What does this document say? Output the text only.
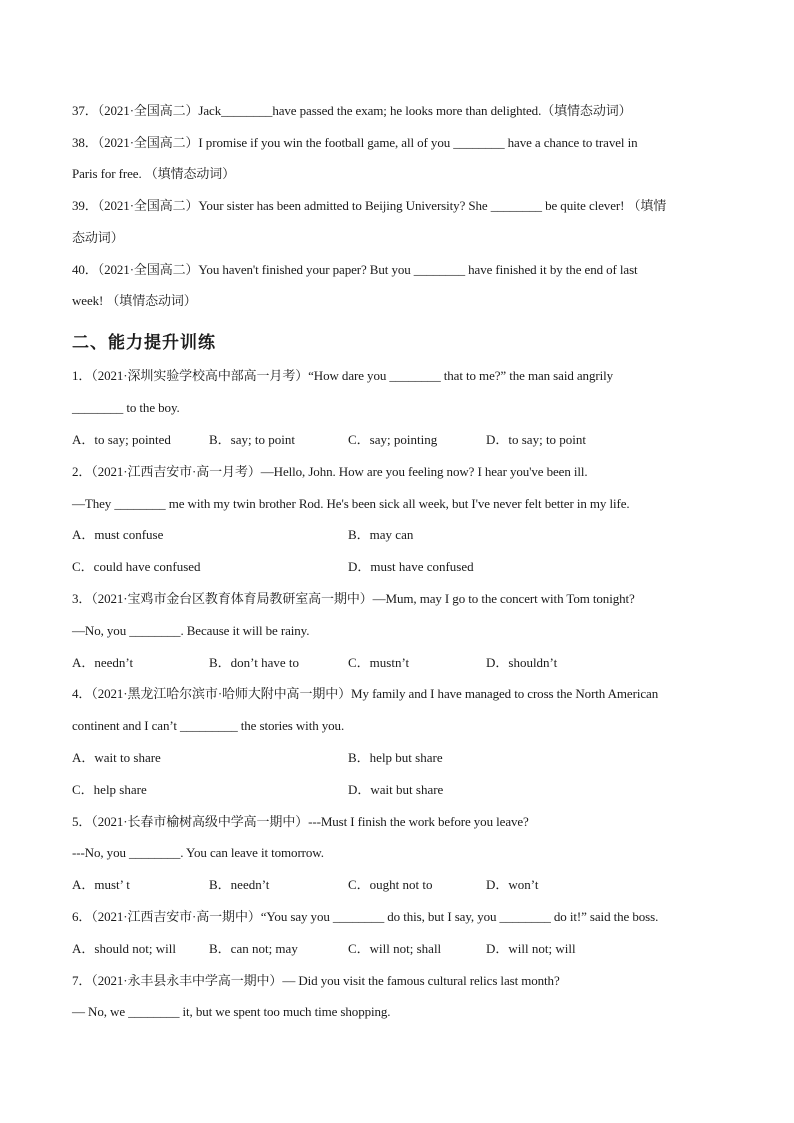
37．（2021·全国高二）Jack________have passed the exam; he looks more than delighted.（填情态动词）
38．（2021·全国高二）I promise if you win the football game, all of you ________ have a chance to travel in
Paris for free. （填情态动词）
39．（2021·全国高二）Your sister has been admitted to Beijing University? She ________ be quite clever! （填情
态动词）
40．（2021·全国高二）You haven't finished your paper? But you ________ have finished it by the end of last
week! （填情态动词）
二、能力提升训练
1．（2021·深圳实验学校高中部高一月考）“How dare you ________ that to me?” the man said angrily
________ to the boy.
A．to say; pointed	B．say; to point	C．say; pointing	D．to say; to point
2．（2021·江西吉安市·高一月考）—Hello, John. How are you feeling now? I hear you've been ill.
—They ________ me with my twin brother Rod. He's been sick all week, but I've never felt better in my life.
A．must confuse	B．may can
C．could have confused	D．must have confused
3．（2021·宝鸡市金台区教育体育局教研室高一期中）—Mum, may I go to the concert with Tom tonight?
—No, you ________. Because it will be rainy.
A．needn’t	B．don’t have to	C．mustn’t	D．shouldn’t
4．（2021·黑龙江哈尔滨市·哈师大附中高一期中）My family and I have managed to cross the North American
continent and I can’t _________ the stories with you.
A．wait to share	B．help but share
C．help share	D．wait but share
5．（2021·长春市榆树高级中学高一期中）---Must I finish the work before you leave?
---No, you ________. You can leave it tomorrow.
A．must’ t	B．needn’t	C．ought not to	D．won’t
6．（2021·江西吉安市·高一期中）“You say you ________ do this, but I say, you ________ do it!” said the boss.
A．should not; will	B．can not; may	C．will not; shall	D．will not; will
7．（2021·永丰县永丰中学高一期中）— Did you visit the famous cultural relics last month?
— No, we ________ it, but we spent too much time shopping.
